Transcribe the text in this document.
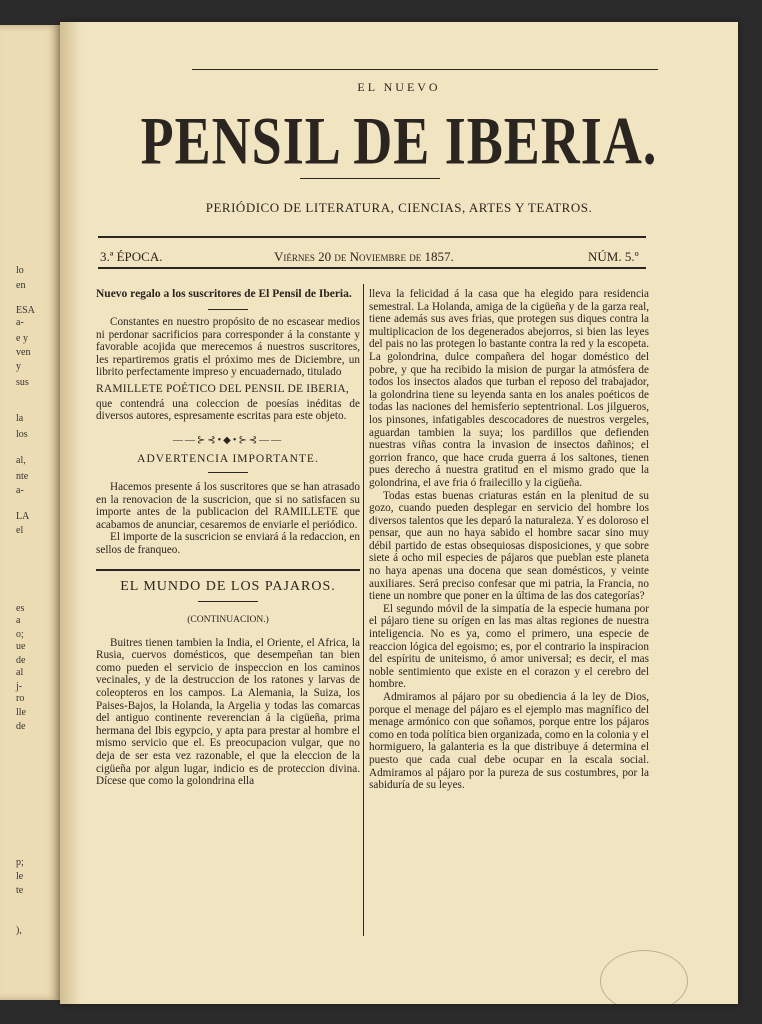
lo
en
ESA
a-
e y
ven
y
sus
la
los
al,
nte
a-
LA
el
es
a
o;
ue
de
al
j-
ro
lle
de
p;
le
te
),
EL NUEVO
PENSIL DE IBERIA.
PERIÓDICO DE LITERATURA, CIENCIAS, ARTES Y TEATROS.
3.ª ÉPOCA.	Viérnes 20 de Noviembre de 1857.	NÚM. 5.º

Nuevo regalo a los suscritores de El Pensil de Iberia.

Constantes en nuestro propósito de no escasear medios ni perdonar sacrificios para corresponder á la constante y favorable acojida que merecemos á nuestros suscritores, les repartiremos gratis el próximo mes de Diciembre, un librito perfectamente impreso y encuadernado, titulado

RAMILLETE POÉTICO DEL PENSIL DE IBERIA,

que contendrá una coleccion de poesías inéditas de diversos autores, espresamente escritas para este objeto.

——⊱⊰•◆•⊱⊰——

ADVERTENCIA IMPORTANTE.

Hacemos presente á los suscritores que se han atrasado en la renovacion de la suscricion, que si no satisfacen su importe antes de la publicacion del RAMILLETE que acabamos de anunciar, cesaremos de enviarle el periódico.

El importe de la suscricion se enviará á la redaccion, en sellos de franqueo.

EL MUNDO DE LOS PAJAROS.

(CONTINUACION.)

Buitres tienen tambien la India, el Oriente, el Africa, la Rusia, cuervos domésticos, que desempeñan tan bien como pueden el servicio de inspeccion en los caminos vecinales, y de la destruccion de los ratones y larvas de coleopteros en los campos. La Alemania, la Suiza, los Paises-Bajos, la Holanda, la Argelia y todas las comarcas del antiguo continente reverencian á la cigüeña, prima hermana del Ibis egypcio, y apta para prestar al hombre el mismo servicio que el. Es preocupacion vulgar, que no deja de ser esta vez razonable, el que la eleccion de la cigüeña por algun lugar, indicio es de proteccion divina. Dícese que como la golondrina ella

lleva la felicidad á la casa que ha elegido para residencia semestral. La Holanda, amiga de la cigüeña y de la garza real, tiene además sus aves frias, que protegen sus diques contra la multiplicacion de los degenerados abejorros, si bien las leyes del pais no las protegen lo bastante contra la red y la escopeta. La golondrina, dulce compañera del hogar doméstico del pobre, y que ha recibido la mision de purgar la atmósfera de todos los insectos alados que turban el reposo del trabajador, la golondrina tiene su leyenda santa en los anales poéticos de todas las naciones del hemisferio septentrional. Los jilgueros, los pinsones, infatigables descocadores de nuestros vergeles, aguardan tambien la suya; los pardillos que defienden nuestras viñas contra la invasion de insectos dañinos; el gorrion franco, que hace cruda guerra á los saltones, tienen pues derecho á nuestra gratitud en el mismo grado que la golondrina, el ave fria ó frailecillo y la cigüeña.

Todas estas buenas criaturas están en la plenitud de su gozo, cuando pueden desplegar en servicio del hombre los diversos talentos que les deparó la naturaleza. Y es doloroso el pensar, que aun no haya sabido el hombre sacar sino muy débil partido de estas obsequiosas disposiciones, y que sobre siete á ocho mil especies de pájaros que pueblan este planeta no haya apenas una docena que sean domésticos, y veinte auxiliares. Será preciso confesar que mi patria, la Francia, no tiene un nombre que poner en la última de las dos categorías?

El segundo móvil de la simpatía de la especie humana por el pájaro tiene su orígen en las mas altas regiones de nuestra inteligencia. No es ya, como el primero, una especie de reaccion lógica del egoismo; es, por el contrario la inspiracion del espíritu de uniteismo, ó amor universal; es decir, el mas noble sentimiento que existe en el corazon y el cerebro del hombre.

Admiramos al pájaro por su obediencia á la ley de Dios, porque el menage del pájaro es el ejemplo mas magnífico del menage armónico con que soñamos, porque entre los pájaros como en toda política bien organizada, como en la colonia y el hormiguero, la galanteria es la que distribuye á determina el puesto que cada cual debe ocupar en la escala social. Admiramos al pájaro por la pureza de sus costumbres, por la sabiduría de su leyes.
